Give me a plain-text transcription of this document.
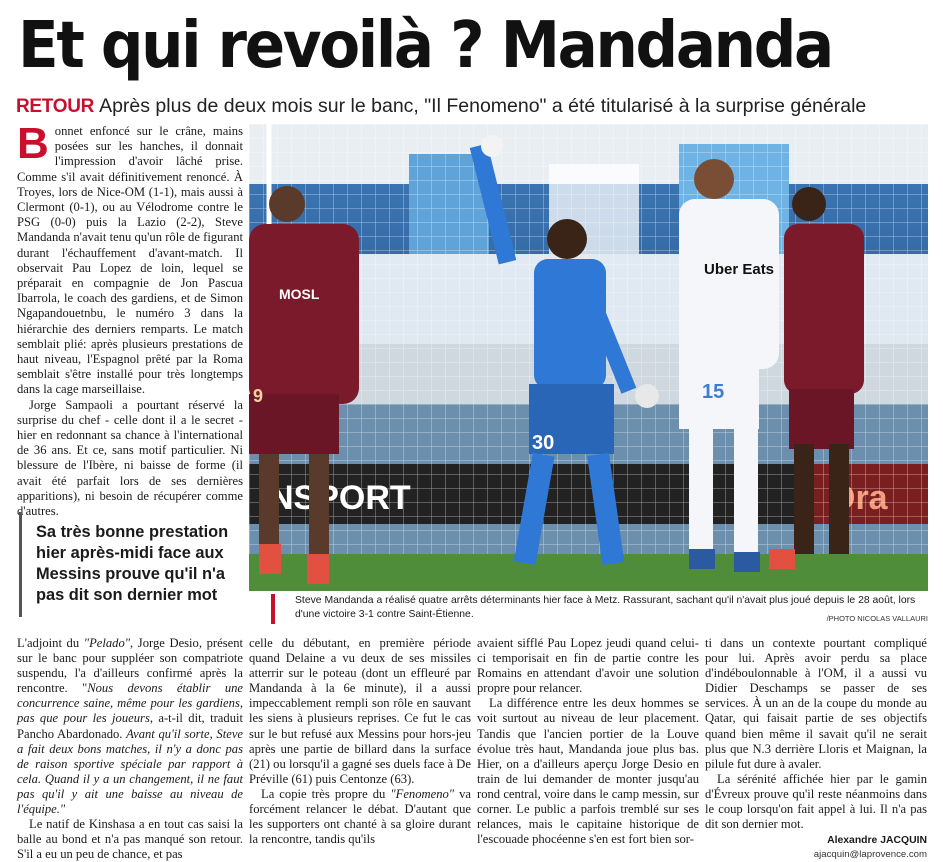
Et qui revoilà ? Mandanda
RETOUR Après plus de deux mois sur le banc, "Il Fenomeno" a été titularisé à la surprise générale

Bonnet enfoncé sur le crâne, mains posées sur les hanches, il donnait l'impression d'avoir lâché prise. Comme s'il avait définitivement renoncé. À Troyes, lors de Nice-OM (1-1), mais aussi à Clermont (0-1), ou au Vélodrome contre le PSG (0-0) puis la Lazio (2-2), Steve Mandanda n'avait tenu qu'un rôle de figurant durant l'échauffement d'avant-match. Il observait Pau Lopez de loin, lequel se préparait en compagnie de Jon Pascua Ibarrola, le coach des gardiens, et de Simon Ngapandouetnbu, le numéro 3 dans la hiérarchie des derniers remparts. Le match semblait plié: après plusieurs prestations de haut niveau, l'Espagnol prêté par la Roma semblait s'être installé pour très longtemps dans la cage marseillaise.

Jorge Sampaoli a pourtant réservé la surprise du chef - celle dont il a le secret - hier en redonnant sa chance à l'international de 36 ans. Et ce, sans motif particulier. Ni blessure de l'Ibère, ni baisse de forme (il avait été parfait lors de ses dernières apparitions), ni besoin de récupérer comme d'autres.

Sa très bonne prestation hier après-midi face aux Messins prouve qu'il n'a pas dit son dernier mot
MOSL
9
30
Uber Eats
15
Steve Mandanda a réalisé quatre arrêts déterminants hier face à Metz. Rassurant, sachant qu'il n'avait plus joué depuis le 28 août, lors d'une victoire 3-1 contre Saint-Étienne.	/PHOTO NICOLAS VALLAURI

L'adjoint du "Pelado", Jorge Desio, présent sur le banc pour suppléer son compatriote suspendu, l'a d'ailleurs confirmé après la rencontre. "Nous devons établir une concurrence saine, même pour les gardiens, pas que pour les joueurs, a-t-il dit, traduit Pancho Abardonado. Avant qu'il sorte, Steve a fait deux bons matches, il n'y a donc pas de raison sportive spéciale par rapport à cela. Quand il y a un changement, il ne faut pas qu'il y ait une baisse au niveau de l'équipe."

Le natif de Kinshasa a en tout cas saisi la balle au bond et n'a pas manqué son retour. S'il a eu un peu de chance, et pas

celle du débutant, en première période quand Delaine a vu deux de ses missiles atterrir sur le poteau (dont un effleuré par Mandanda à la 6e minute), il a aussi impeccablement rempli son rôle en sauvant les siens à plusieurs reprises. Ce fut le cas sur le but refusé aux Messins pour hors-jeu après une partie de billard dans la surface (21) ou lorsqu'il a gagné ses duels face à De Préville (61) puis Centonze (63).

La copie très propre du "Fenomeno" va forcément relancer le débat. D'autant que les supporters ont chanté à sa gloire durant la rencontre, tandis qu'ils

avaient sifflé Pau Lopez jeudi quand celui-ci temporisait en fin de partie contre les Romains en attendant d'avoir une solution propre pour relancer.

La différence entre les deux hommes se voit surtout au niveau de leur placement. Tandis que l'ancien portier de la Louve évolue très haut, Mandanda joue plus bas. Hier, on a d'ailleurs aperçu Jorge Desio en train de lui demander de monter jusqu'au rond central, voire dans le camp messin, sur corner. Le public a parfois tremblé sur ses relances, mais le capitaine historique de l'escouade phocéenne s'en est fort bien sor-

ti dans un contexte pourtant compliqué pour lui. Après avoir perdu sa place d'indéboulonnable à l'OM, il a aussi vu Didier Deschamps se passer de ses services. À un an de la coupe du monde au Qatar, qui faisait partie de ses objectifs quand bien même il savait qu'il ne serait plus que N.3 derrière Lloris et Maignan, la pilule fut dure à avaler.

La sérénité affichée hier par le gamin d'Évreux prouve qu'il reste néanmoins dans le coup lorsqu'on fait appel à lui. Il n'a pas dit son dernier mot.

Alexandre JACQUIN
ajacquin@laprovence.com
